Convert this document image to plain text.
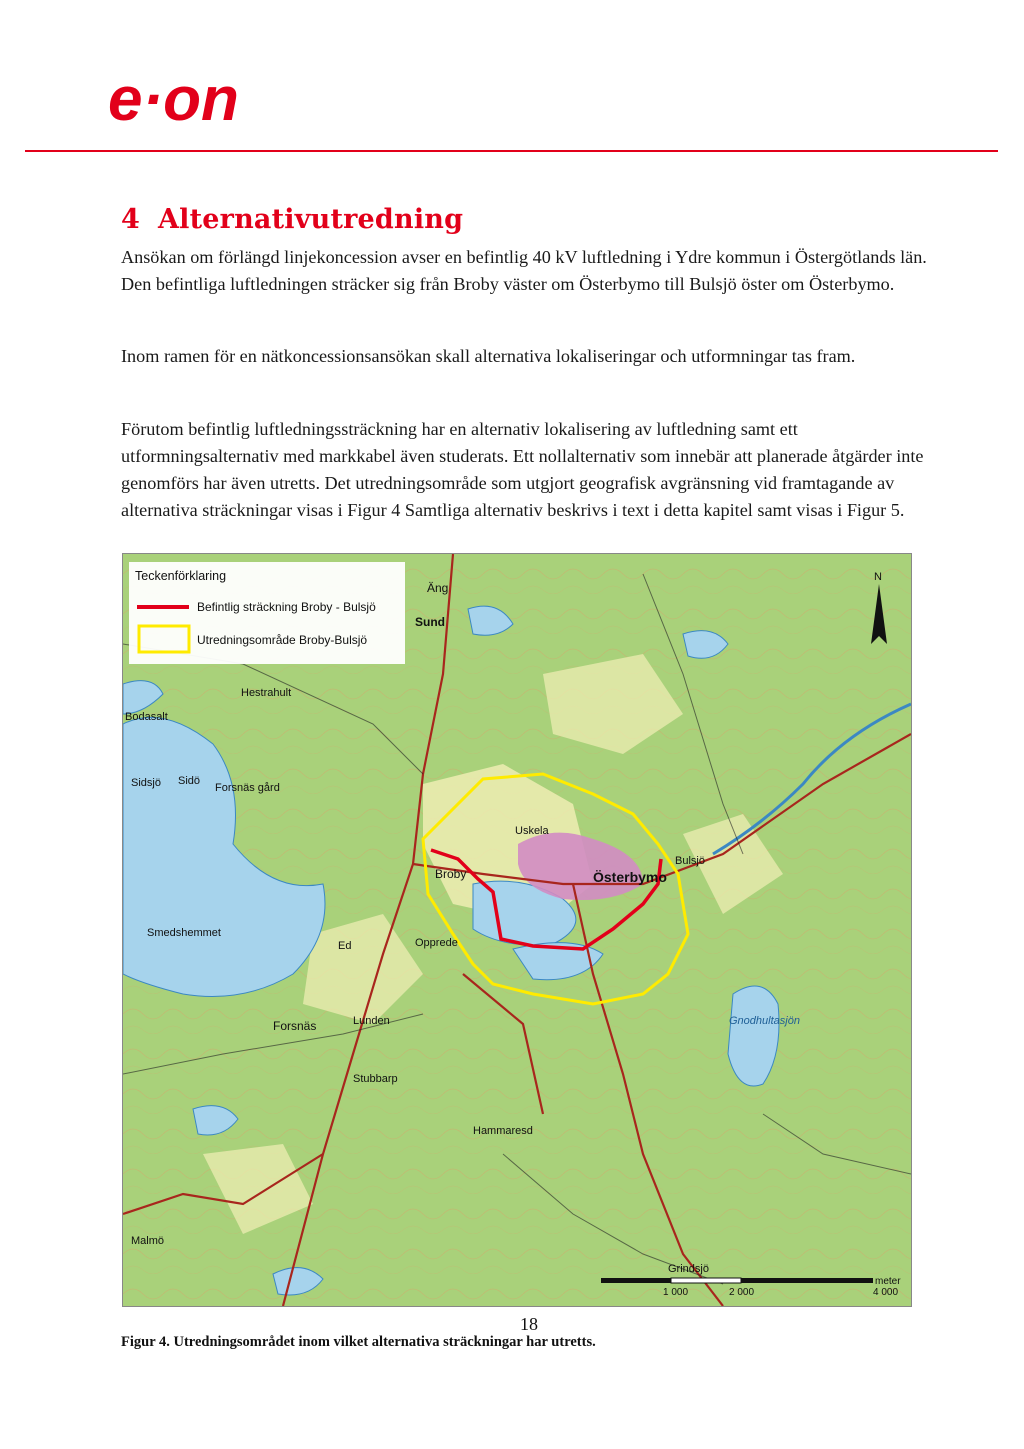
e·on
4 Alternativutredning

Ansökan om förlängd linjekoncession avser en befintlig 40 kV luftledning i Ydre kommun i Östergötlands län. Den befintliga luftledningen sträcker sig från Broby väster om Österbymo till Bulsjö öster om Österbymo.

Inom ramen för en nätkoncessionsansökan skall alternativa lokaliseringar och utformningar tas fram.

Förutom befintlig luftledningssträckning har en alternativ lokalisering av luftledning samt ett utformningsalternativ med markkabel även studerats. Ett nollalternativ som innebär att planerade åtgärder inte genomförs har även utretts. Det utredningsområde som utgjort geografisk avgränsning vid framtagande av alternativa sträckningar visas i Figur 4 Samtliga alternativ beskrivs i text i detta kapitel samt visas i Figur 5.

Österbymo
Broby
Forsnäs
Forsnäs gård
Hestrahult
Bodasalt
Sund
Äng
Bulsjö
Malmö
Grindsjö
Ed
Lunden
Uskela
Stubbarp
Opprede
Sidsjö Sidö
Gnodhultasjön
Hammaresd
Smedshemmet
Teckenförklaring
Befintlig sträckning Broby - Bulsjö
Utredningsområde Broby-Bulsjö
N
1 000	2 000	4 000
meter
18

Figur 4. Utredningsområdet inom vilket alternativa sträckningar har utretts.
